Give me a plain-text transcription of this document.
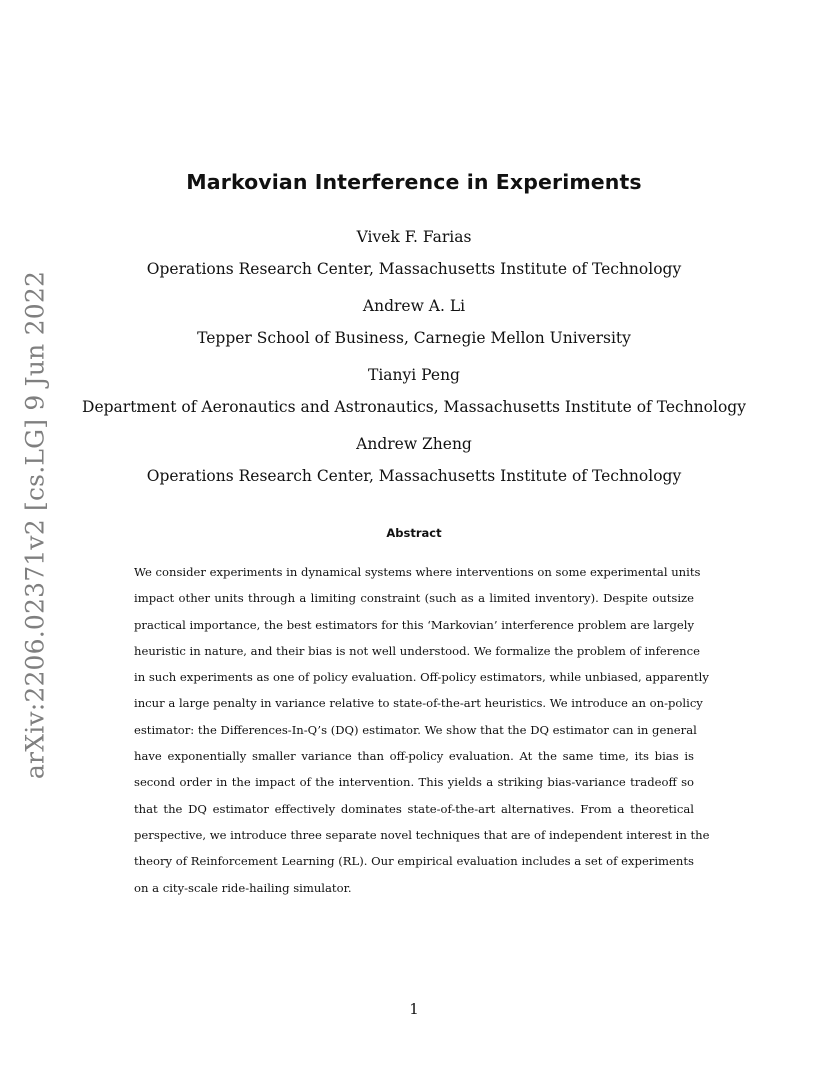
arXiv:2206.02371v2 [cs.LG] 9 Jun 2022
Markovian Interference in Experiments
Vivek F. Farias
Operations Research Center, Massachusetts Institute of Technology
Andrew A. Li
Tepper School of Business, Carnegie Mellon University
Tianyi Peng
Department of Aeronautics and Astronautics, Massachusetts Institute of Technology
Andrew Zheng
Operations Research Center, Massachusetts Institute of Technology
Abstract
We consider experiments in dynamical systems where interventions on some experimental units
impact other units through a limiting constraint (such as a limited inventory). Despite outsize
practical importance, the best estimators for this ‘Markovian’ interference problem are largely
heuristic in nature, and their bias is not well understood. We formalize the problem of inference
in such experiments as one of policy evaluation. Off-policy estimators, while unbiased, apparently
incur a large penalty in variance relative to state-of-the-art heuristics. We introduce an on-policy
estimator: the Differences-In-Q’s (DQ) estimator. We show that the DQ estimator can in general
have exponentially smaller variance than off-policy evaluation. At the same time, its bias is
second order in the impact of the intervention. This yields a striking bias-variance tradeoff so
that the DQ estimator effectively dominates state-of-the-art alternatives. From a theoretical
perspective, we introduce three separate novel techniques that are of independent interest in the
theory of Reinforcement Learning (RL). Our empirical evaluation includes a set of experiments
on a city-scale ride-hailing simulator.
1
